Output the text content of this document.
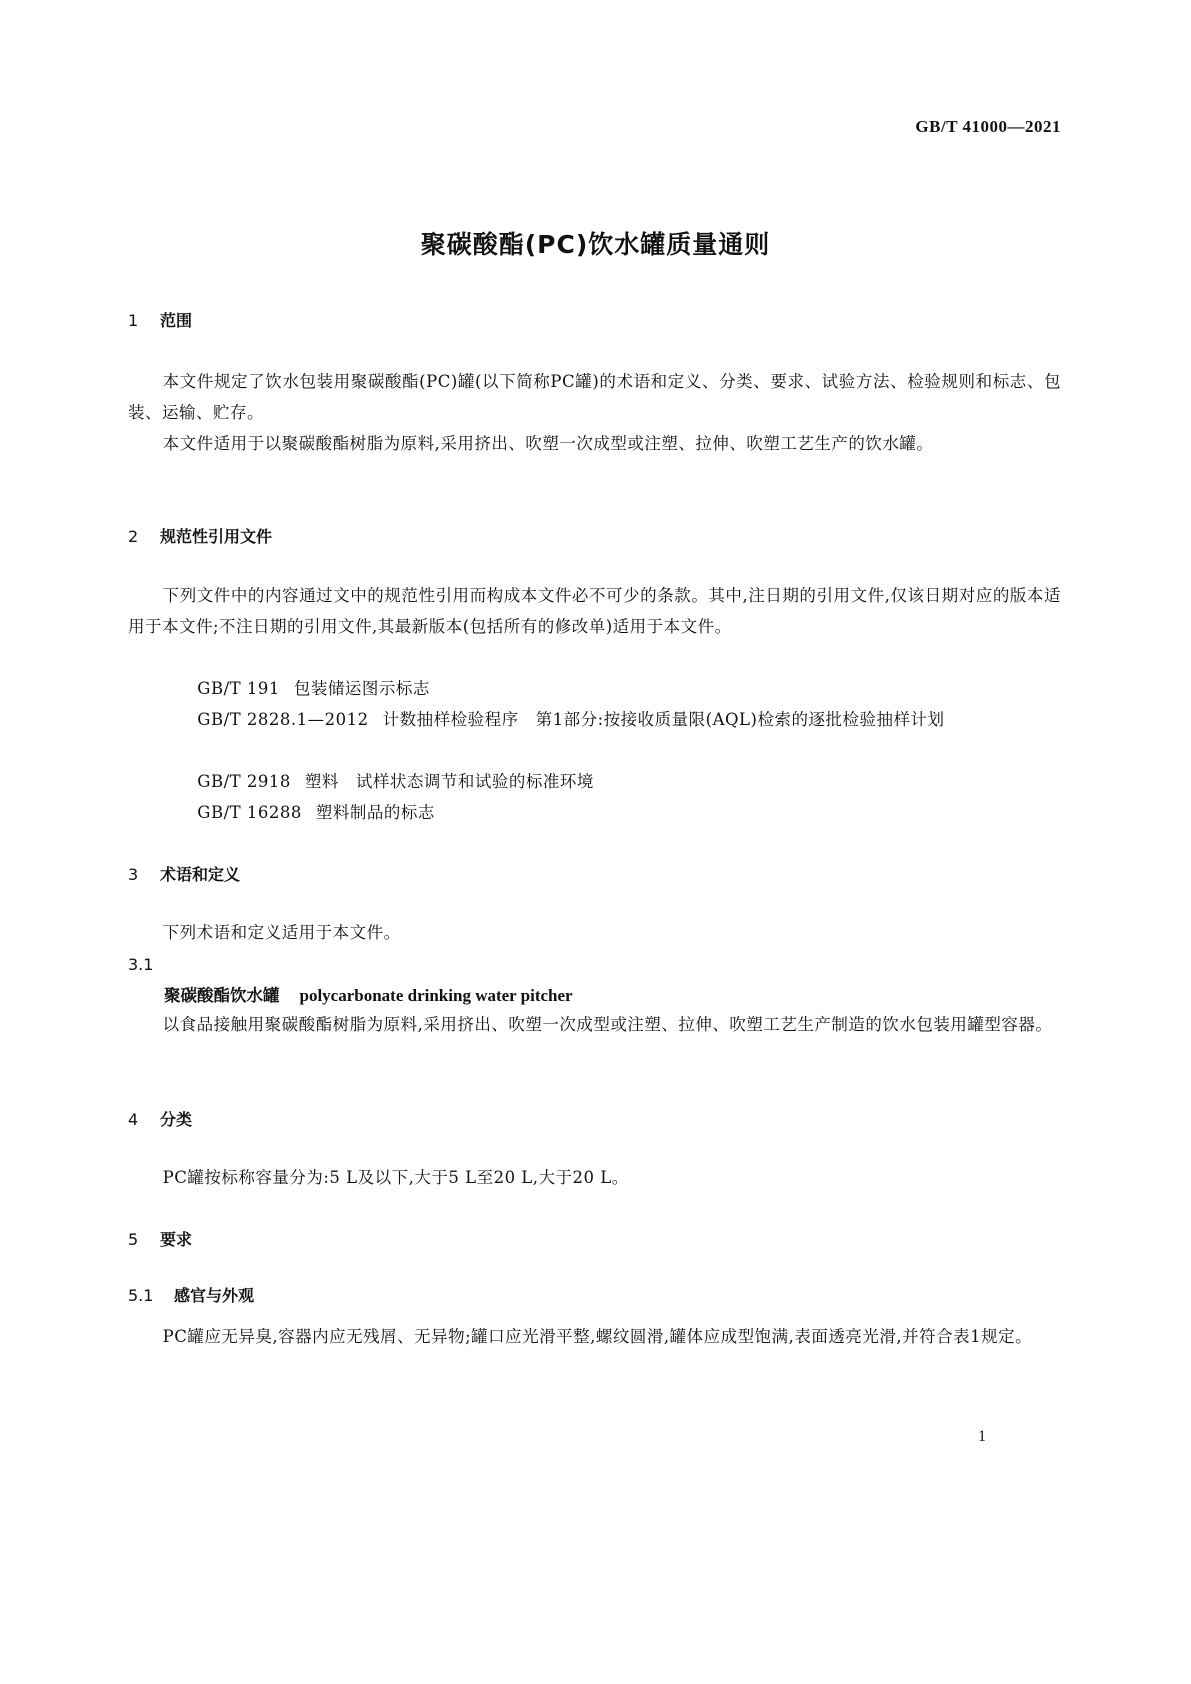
GB/T 41000—2021
聚碳酸酯(PC)饮水罐质量通则
1 范围
本文件规定了饮水包装用聚碳酸酯(PC)罐(以下简称PC罐)的术语和定义、分类、要求、试验方法、检验规则和标志、包装、运输、贮存。
本文件适用于以聚碳酸酯树脂为原料,采用挤出、吹塑一次成型或注塑、拉伸、吹塑工艺生产的饮水罐。
2 规范性引用文件
下列文件中的内容通过文中的规范性引用而构成本文件必不可少的条款。其中,注日期的引用文件,仅该日期对应的版本适用于本文件;不注日期的引用文件,其最新版本(包括所有的修改单)适用于本文件。
GB/T 191 包装储运图示标志
GB/T 2828.1—2012 计数抽样检验程序　第1部分:按接收质量限(AQL)检索的逐批检验抽样计划
GB/T 2918 塑料　试样状态调节和试验的标准环境
GB/T 16288 塑料制品的标志
3 术语和定义
下列术语和定义适用于本文件。
3.1
聚碳酸酯饮水罐 polycarbonate drinking water pitcher
以食品接触用聚碳酸酯树脂为原料,采用挤出、吹塑一次成型或注塑、拉伸、吹塑工艺生产制造的饮水包装用罐型容器。
4 分类
PC罐按标称容量分为:5 L及以下,大于5 L至20 L,大于20 L。
5 要求
5.1 感官与外观
PC罐应无异臭,容器内应无残屑、无异物;罐口应光滑平整,螺纹圆滑,罐体应成型饱满,表面透亮光滑,并符合表1规定。
1
